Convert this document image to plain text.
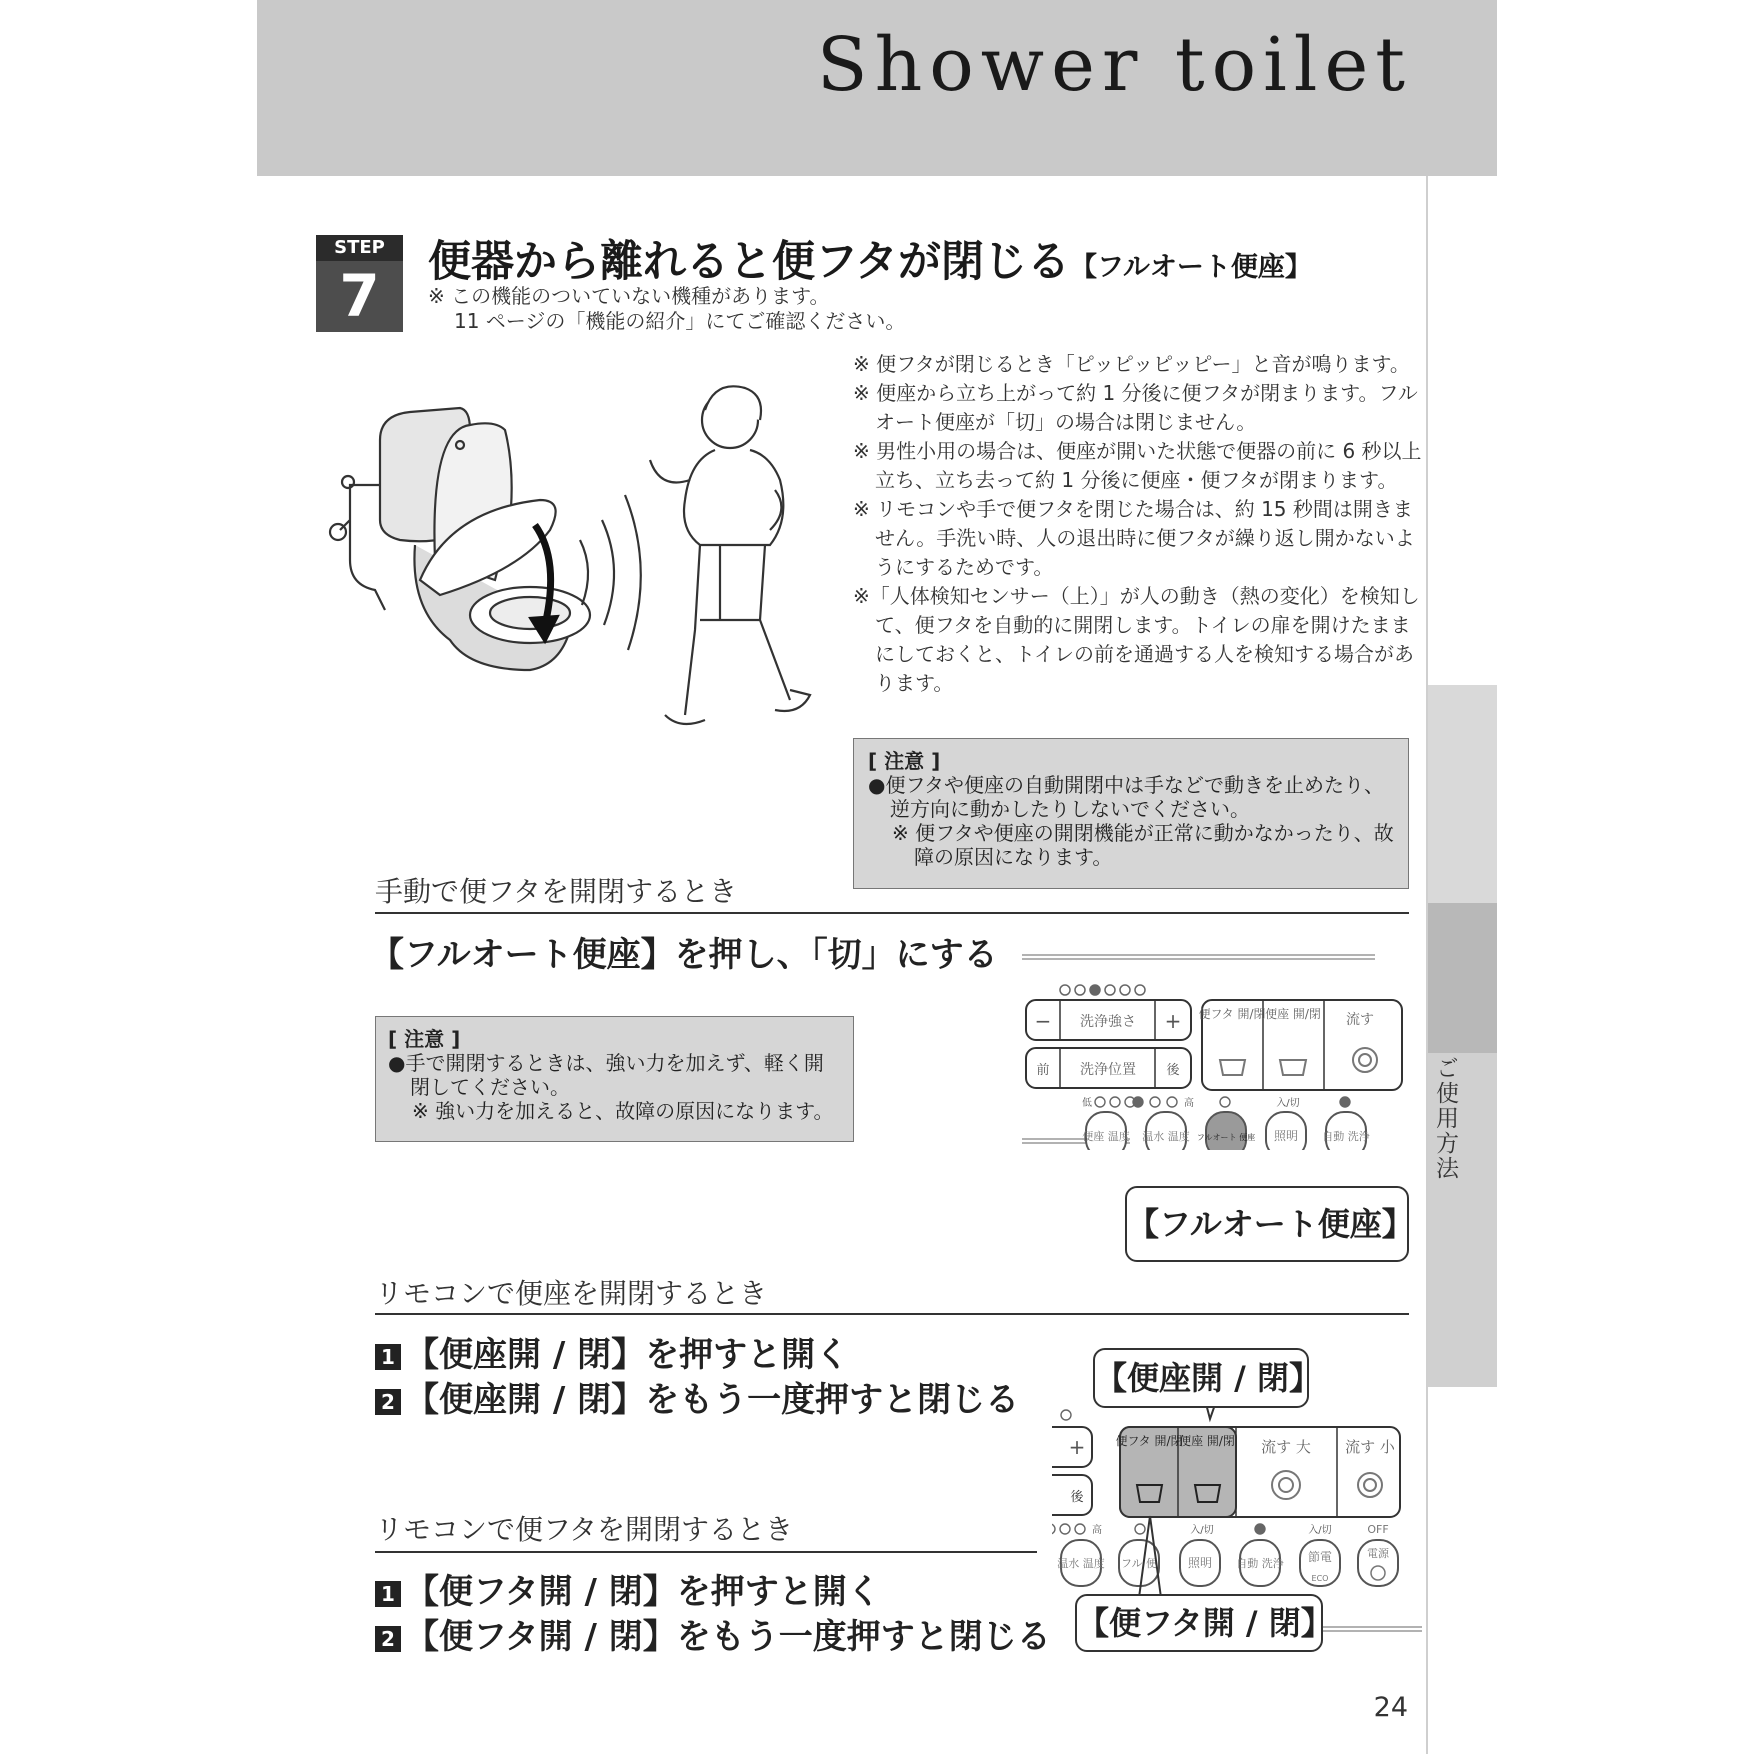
Shower toilet
ご使用方法
STEP
7	便器から離れると便フタが閉じる【フルオート便座】
※ この機能のついていない機種があります。
11 ページの「機能の紹介」にてご確認ください。

※ 便フタが閉じるとき「ピッピッピッピー」と音が鳴ります。

※ 便座から立ち上がって約 1 分後に便フタが閉まります。フルオート便座が「切」の場合は閉じません。

※ 男性小用の場合は、便座が開いた状態で便器の前に 6 秒以上立ち、立ち去って約 1 分後に便座・便フタが閉まります。

※ リモコンや手で便フタを閉じた場合は、約 15 秒間は開きません。手洗い時、人の退出時に便フタが繰り返し開かないようにするためです。

※「人体検知センサー（上）」が人の動き（熱の変化）を検知して、便フタを自動的に開閉します。トイレの扉を開けたままにしておくと、トイレの前を通過する人を検知する場合があります。

[ 注意 ]
●便フタや便座の自動開閉中は手などで動きを止めたり、逆方向に動かしたりしないでください。
※ 便フタや便座の開閉機能が正常に動かなかったり、故障の原因になります。
手動で便フタを開閉するとき
【フルオート便座】を押し、「切」にする
[ 注意 ]
●手で開閉するときは、強い力を加えず、軽く開閉してください。
※ 強い力を加えると、故障の原因になります。
− 洗浄強さ +
前 洗浄位置 後
便フタ 開/閉 便座 開/閉 流す
低	高	入/切
便座 温度 温水 温度 フルオート 便座 照明 自動 洗浄
【フルオート便座】
リモコンで便座を開閉するとき
1 【便座開 / 閉】を押すと開く
2 【便座開 / 閉】をもう一度押すと閉じる
リモコンで便フタを開閉するとき
1 【便フタ開 / 閉】を押すと開く
2 【便フタ開 / 閉】をもう一度押すと閉じる
+
後
便フタ 開/閉
便座 開/閉 流す 大 流す 小
高	入/切	入/切	OFF
温水 温度 フル 便	照明 自動 洗浄 節電
ECO
電源
【便座開 / 閉】
【便フタ開 / 閉】
24
